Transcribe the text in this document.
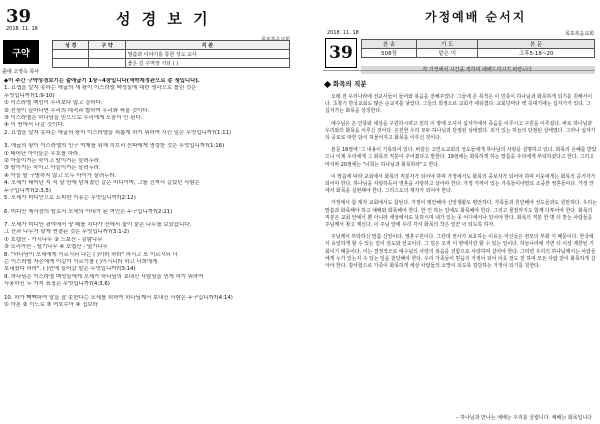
39	성 경 보 기
2018. 11. 18
구약
출애 고영옥 목사
성 경	구 약	직 관
		말씀과 이야기를 통한 성도 교사
		좋은 길 구역장 기타 ( )

◆이 주간 구약성경보기는 출애굽기 1장~4장입니다(색박계정관으로 총 쟁입니다).

1. 요셉을 알지 못하는 애굽의 새 왕이 이스라엘 백성들에 대한 생각으로 틀린 것은

무엇입니까?(1:9-10)

① 이스라엘 백성이 우리보다 많고 강하다.

② 전쟁이 일어나면 우리의 대적과 합하여 우리와 싸울 것이다.

③ 이스라엘은 하나님을 믿으므로 우리에게 도움이 안 된다.

④ 이 땅에서 나갈 것이다.

2. 요셉을 알지 못하는 애굽의 왕이 이스라엘을 괴롭게 하기 위하여 시킨 일은 무엇입니까?(1:11)

3. 애굽의 왕이 이스라엘의 인구 억제를 위해 히브리 산파에게 명령한 것은 무엇입니까?(1:16)

① 태어난 아이들은 우호를 하라.

② 아들이거든 죽이고 딸이거든 살려두라.

③ 딸이거든 죽이고 아들이거든 살려두라.

④ 아들 딸 구별하지 않고 모두 아이가 살려두라.

4. 모세가 태어난 지 석 달 만에 담쳐졌던 갈은 어디이며, 그를 건져서 길렀던 사람은

누구입니까?(2:3,5)

5. 모세가 미디안으로 도피한 이유는 무엇입니까?(2:12)

6. 미디안 제사장의 딸로서 모세의 아내가 된 여인은 누구입니까?(2:21)

7. 모세가 미디안 광야에서 양 떼를 치다가 산에서 불이 붙은 나무를 보았습니다.

그 산과 나무가 맞게 연결된 것은 무엇입니까?(3:1-2)

① 호렙산 - 가시나무 ② 느보산 - 감람나무

③ 모리아산 - 떨기나무 ④ 호렙산 - 떨기나무

8. "하나님이 모세에게 이르시되 나는 ( )이라 하라" 하시고 또 이르시되 너

는 이스라엘 자손에게 이같이 이르기를 ( )이시니라 하고 너희에게

보내셨다 하라". ( )안에 들어갈 말은 무엇입니까?(3:14)

9. 하나님은 이스라엘 백성들에게 모세가 하나님의 보내신 사람임을 믿게 하기 위하여

사용하신 두 가지 표징은 무엇입니까?(4:3,6)

10. 하가 빽빽하여 말을 잘 못한다는 모세를 위하여 하나님께서 보내신 사람은 누구입니까?(4:14)

① 아론 ② 이드로 ③ 여호수아 ④ 십보라

가정예배 순서지
2018. 11. 18	목포복음교회
39	찬 송	기 도	본 문
508장	맡은 이	고후5:18~20
각 가정에서 시간을 정하여 예배드리시기 바랍니다.
화목의 직분

오래 전 우리나라에 선교사들이 들어와 복음을 전해주었다. 그들에 온 목적은 이 민족이 하나님과 화목하게 되기를 원해서이다. 초창기 한국교회도 많은 순교자를 낳았다. 그들의 희생으로 교회가 세워졌다. 교회당마다 벽 꼭대기에는 십자가가 있다. 그 십자가는 화목을 상징한다.

예수님은 온 인류와 세상을 구원하시려고 친히 이 땅에 오셔서 십자가에서 죽음을 이루시고 구원을 이루셨다. 바로 하나님과 우리와의 화목을 이루신 것이다. 온전한 우리 모두 하나님과 단절된 상태였다. 죄가 있는 하늘의 단절된 상태였다. 그러나 십자가의 공로로 막힌 담이 허물어지고 화목을 이루신 것이다.

본문 18절에 '그 내용이 기록되어 있다. 바울은 고린도교회의 성도들에게 하나님의 사랑을 설명하고 있다. 화목의 은혜를 받았으니 이제 우리에게 그 화목의 직분이 주어졌다고 말한다. 19절에는 화목하게 하는 말씀을 우리에게 부탁하셨다고 한다. 그리고 마지막 20절에는 "너희는 하나님과 화목하라"고 한다.

이 말씀에 따라 교회에서 화목의 직분자가 되어야 하며 가정에서도 화목의 중보자가 되어야 하며 이웃에게는 화목의 증거자가 되어야 한다. 하나님을 사랑하듯이 영혼을 사랑하고 살아야 한다. 가정 가까이 있는 가족들이야말로 소중한 영혼들이다. 가정 안에서 화목을 실현해야 한다. 그리스도의 제자가 되어야 한다.

가정에서 참 제자 교회에서도 참된다. 가정이 평안해야 신앙생활도 평안하다. 가족들과 원만해야 성도들과도 원만하다. 우리는 말씀과 화목해야 하고 예배와 화목해야 한다. 한 인 하는 일에도 화목해야 한다. 그리고 물질까지도 함께 다투어야 한다. 화목의 직분은 교회 안에서 뿐 아니라 세상에서도 뜻하시며 내가 있는 곳 어디에서나 있어야 한다. 화목의 직분 한 명 더 받는 사람들을 주님께서 찾고 계신다. 이 주님 앞에 우리 각자 화목의 작은 일꾼 이 되도록 하자.

주님께서 부탁하신 말씀 신앙이다. 영혼구원이다. 그런데 천사가 보호하는 이유는 자신들은 천모의 부화 기 때문이다. 한국에서 유일하게 할 수 있는 일이 전도와 선교이다. 그 일은 오직 이 땅에서만 할 수 있는 일이다. 하늘나라에 가면 더 이상 제한된 기회이기 때문이다. 이는 결정적으로 예수님의 사랑의 복음을 전함으로 사랑하며 살아야 한다. 그러면 우리의 하나님께서는 사람들에게 누가 있는지 수 있는 일을 감당해야 한다. 우리 가족들이 믿음의 가정이 되어 이웃 전도 잘 하며 모든 사람 같이 화목하게 살아야 한다. 감사함으로 가족이 화목하게 세상 사람들의 소망이 되도록 감당하는 가정이 되기를 원한다.

– 하나님과 만나는 예배는 우리를 살립니다. 예배는 화목입니다
